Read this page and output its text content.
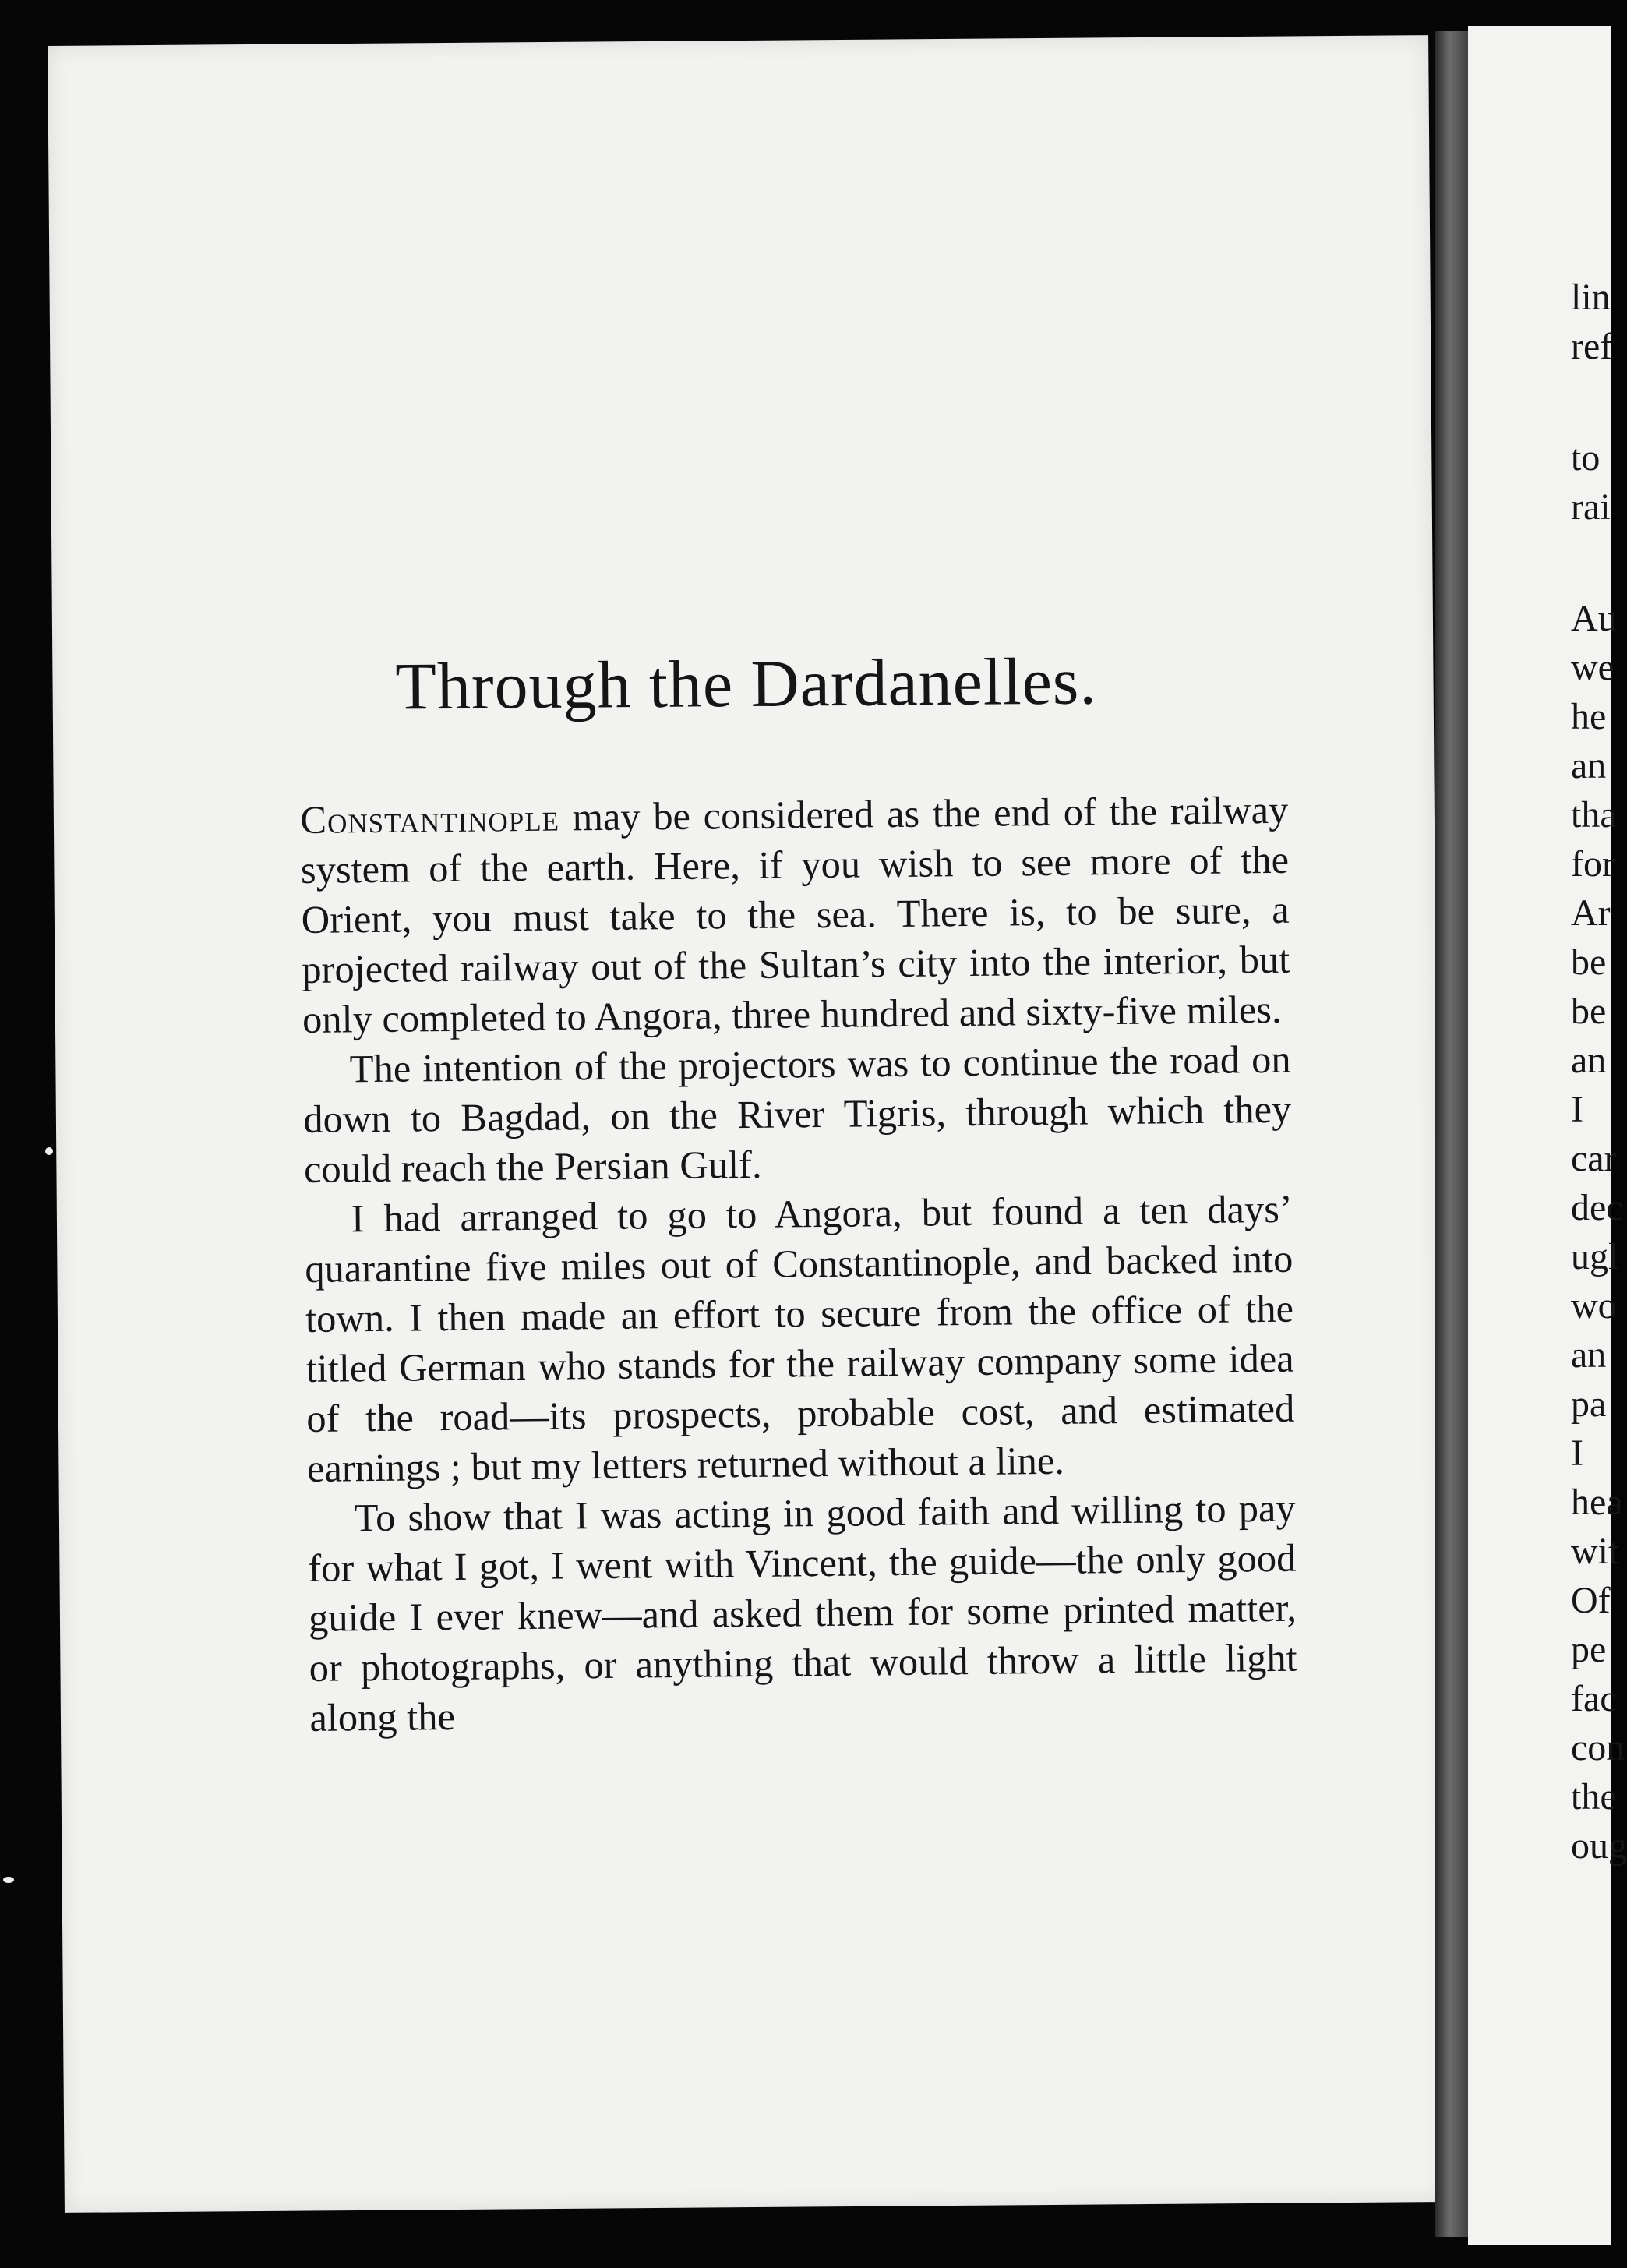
Through the Dardanelles.

Constantinople may be considered as the end of the railway system of the earth. Here, if you wish to see more of the Orient, you must take to the sea. There is, to be sure, a projected railway out of the Sultan’s city into the interior, but only completed to Angora, three hundred and sixty-five miles.

The intention of the projectors was to continue the road on down to Bagdad, on the River Tigris, through which they could reach the Persian Gulf.

I had arranged to go to Angora, but found a ten days’ quarantine five miles out of Constantinople, and backed into town. I then made an effort to secure from the office of the titled German who stands for the railway company some idea of the road—its prospects, probable cost, and estimated earnings ; but my letters returned without a line.

To show that I was acting in good faith and willing to pay for what I got, I went with Vincent, the guide—the only good guide I ever knew—and asked them for some printed matter, or photographs, or anything that would throw a little light along the

lin
ref
to
rai
Au
we
he
an
tha
for
Ar
be
be
an
I
car
dec
ugl
wo
an
pa
I
hea
wit
Of
pe
fac
con
the
oug
